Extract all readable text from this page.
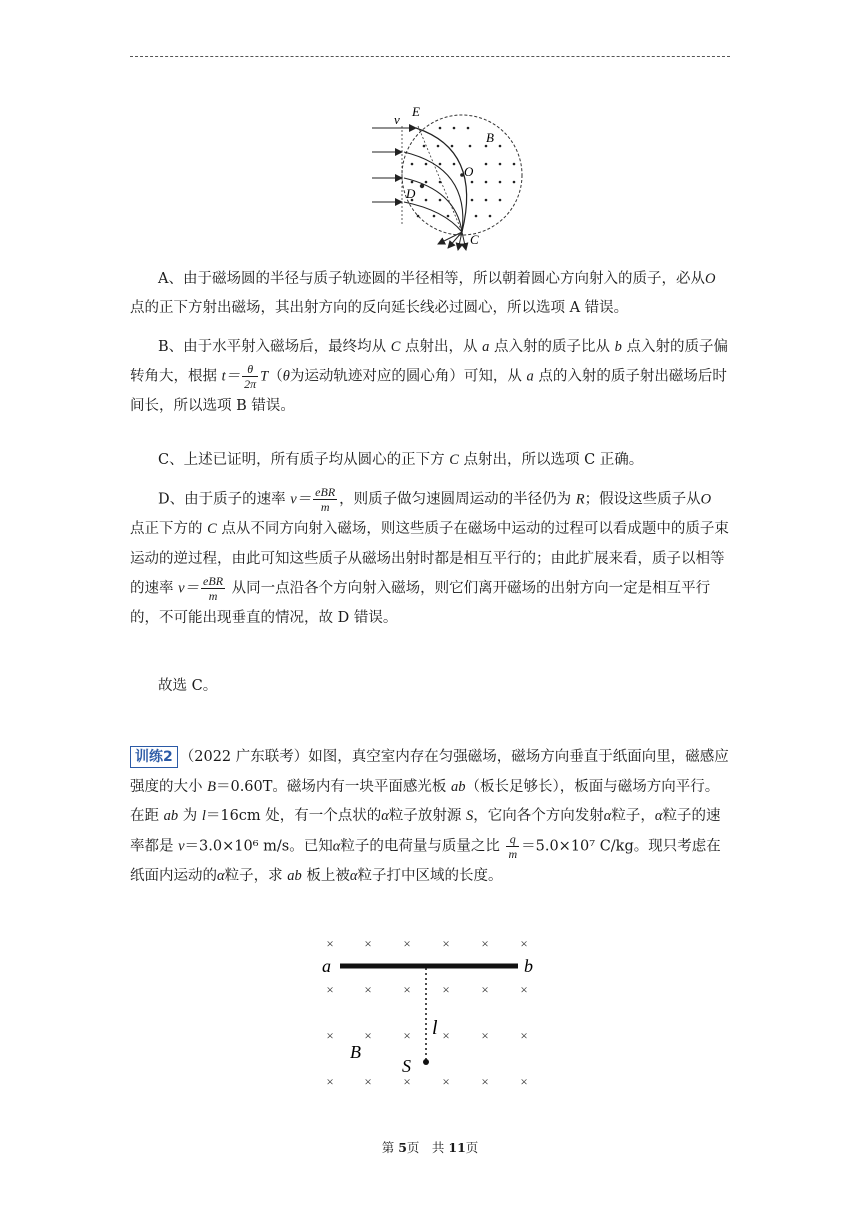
v
E
B
O
D
C
A、由于磁场圆的半径与质子轨迹圆的半径相等，所以朝着圆心方向射入的质子，必从O 点的正下方射出磁场，其出射方向的反向延长线必过圆心，所以选项 A 错误。
B、由于水平射入磁场后，最终均从 C 点射出，从 a 点入射的质子比从 b 点入射的质子偏转角大，根据 $t= \frac{\theta}{2\pi} T(\theta$为运动轨迹对应的圆心角）可知，从 a 点的入射的质子射出磁场后时间长，所以选项 B 错误。
C、上述已证明，所有质子均从圆心的正下方 C 点射出，所以选项 C 正确。
D、由于质子的速率 $v= \frac{\text{eBR}}{m}$ ，则质子做匀速圆周运动的半径仍为 R；假设这些质子从O 点正下方的 C 点从不同方向射入磁场，则这些质子在磁场中运动的过程可以看成题中的质子束运动的逆过程，由此可知这些质子从磁场出射时都是相互平行的；由此扩展来看，质子以相等的速率 $v= \frac{\text{eBR}}{m}$ 从同一点沿各个方向射入磁场，则它们离开磁场的出射方向一定是相互平行的，不可能出现垂直的情况，故 D 错误。
故选 C。
训练2 （2022 广东联考）如图，真空室内存在匀强磁场，磁场方向垂直于纸面向里，磁感应强度的大小 B＝0.60T。磁场内有一块平面感光板 ab（板长足够长），板面与磁场方向平行。在距 ab 为 l＝16cm 处，有一个点状的α粒子放射源 S，它向各个方向发射α粒子，α粒子的速率都是 v＝3.0×10⁶ m/s。已知α粒子的电荷量与质量之比 $\frac{q}{m} =5.0\times 10^7$ C/kg。现只考虑在纸面内运动的α粒子，求 ab 板上被α粒子打中区域的长度。
× × × × × ×
× × × × × ×
× × × × × ×
× × × × × ×
a	b
l
B
S
第 5页　共 11页
